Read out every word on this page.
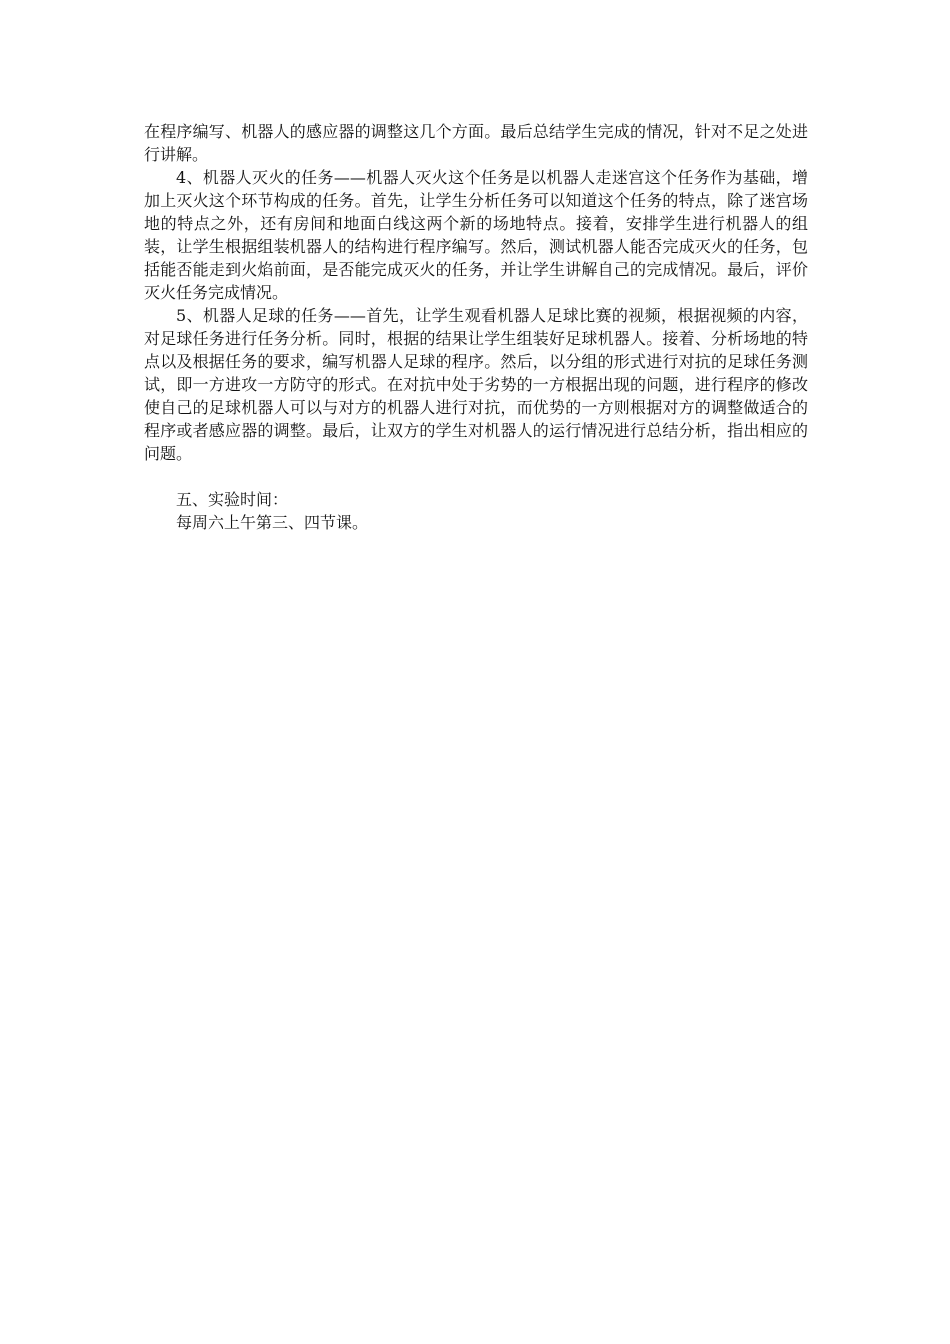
在程序编写、机器人的感应器的调整这几个方面。最后总结学生完成的情况，针对不足之处进行讲解。

4、机器人灭火的任务——机器人灭火这个任务是以机器人走迷宫这个任务作为基础，增加上灭火这个环节构成的任务。首先，让学生分析任务可以知道这个任务的特点，除了迷宫场地的特点之外，还有房间和地面白线这两个新的场地特点。接着，安排学生进行机器人的组装，让学生根据组装机器人的结构进行程序编写。然后，测试机器人能否完成灭火的任务，包括能否能走到火焰前面，是否能完成灭火的任务，并让学生讲解自己的完成情况。最后，评价灭火任务完成情况。

5、机器人足球的任务——首先，让学生观看机器人足球比赛的视频，根据视频的内容，对足球任务进行任务分析。同时，根据的结果让学生组装好足球机器人。接着、分析场地的特点以及根据任务的要求，编写机器人足球的程序。然后，以分组的形式进行对抗的足球任务测试，即一方进攻一方防守的形式。在对抗中处于劣势的一方根据出现的问题，进行程序的修改使自己的足球机器人可以与对方的机器人进行对抗，而优势的一方则根据对方的调整做适合的程序或者感应器的调整。最后，让双方的学生对机器人的运行情况进行总结分析，指出相应的问题。

五、实验时间：

每周六上午第三、四节课。
